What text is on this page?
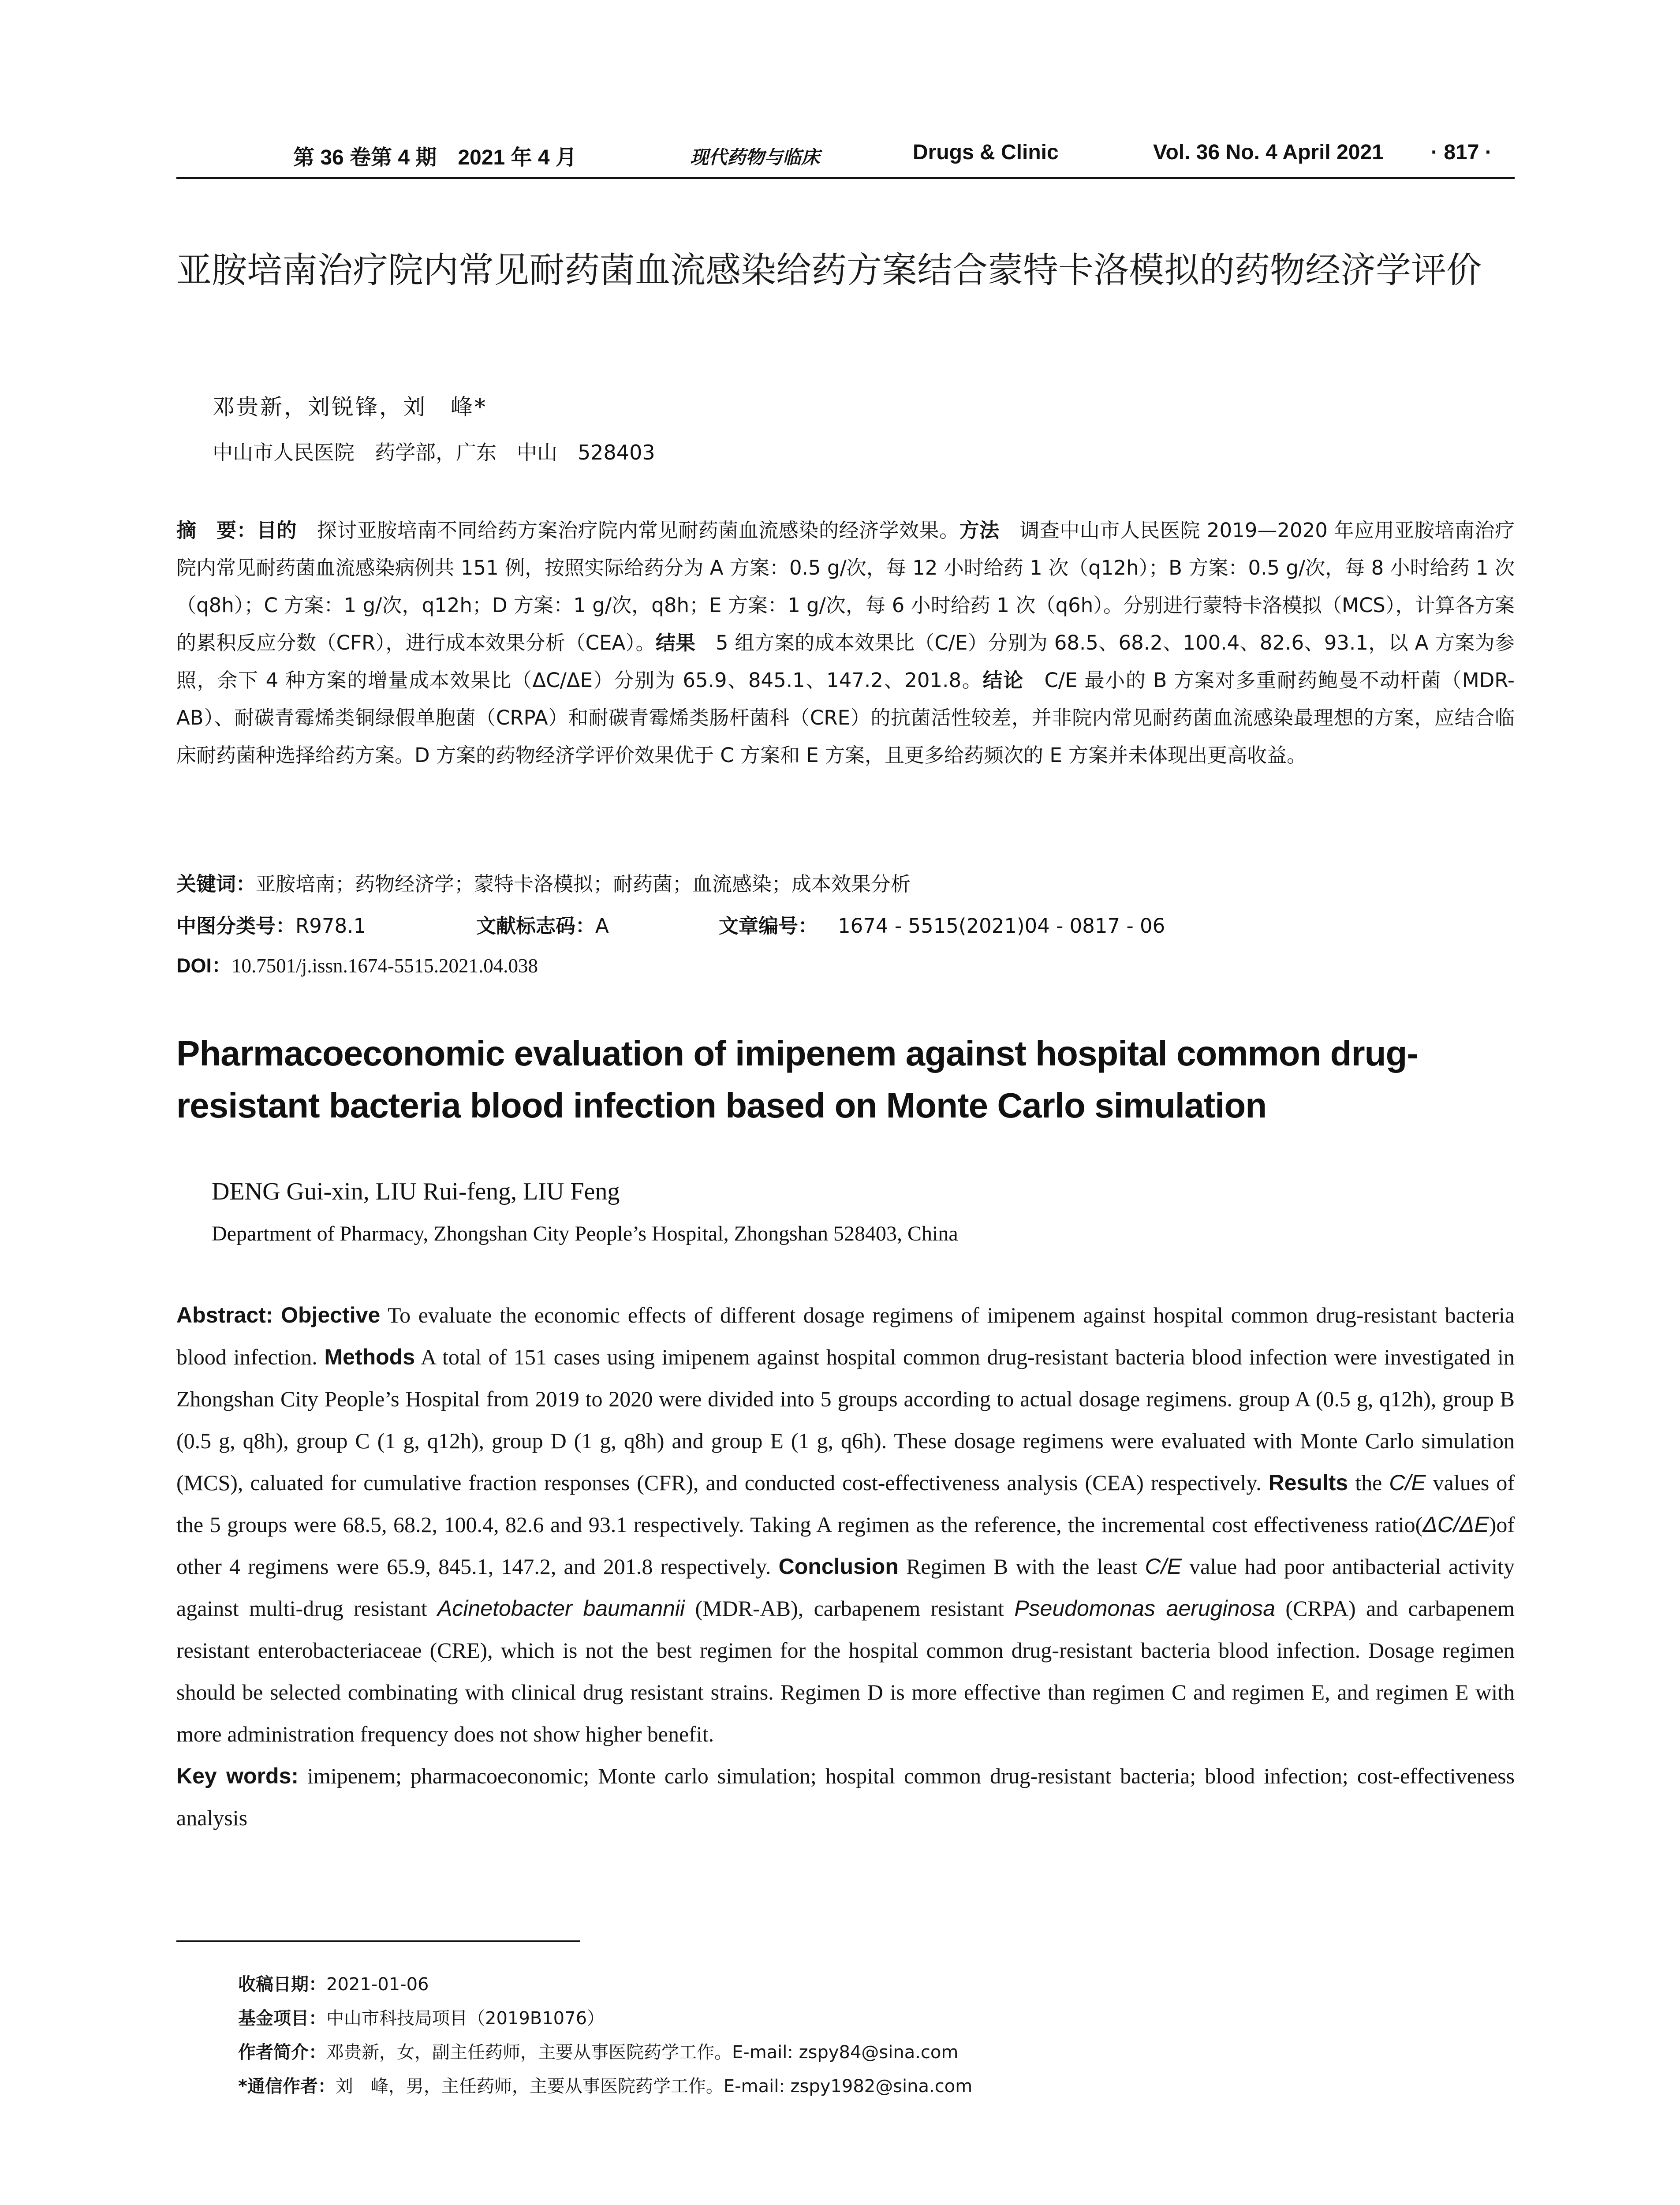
第 36 卷第 4 期　2021 年 4 月	现代药物与临床	Drugs & Clinic	Vol. 36 No. 4 April 2021 · 817 ·
亚胺培南治疗院内常见耐药菌血流感染给药方案结合蒙特卡洛模拟的药物经济学评价
邓贵新，刘锐锋，刘　峰*
中山市人民医院　药学部，广东　中山　528403
摘　要：目的　探讨亚胺培南不同给药方案治疗院内常见耐药菌血流感染的经济学效果。方法　调查中山市人民医院 2019—2020 年应用亚胺培南治疗院内常见耐药菌血流感染病例共 151 例，按照实际给药分为 A 方案：0.5 g/次，每 12 小时给药 1 次（q12h）；B 方案：0.5 g/次，每 8 小时给药 1 次（q8h）；C 方案：1 g/次，q12h；D 方案：1 g/次，q8h；E 方案：1 g/次，每 6 小时给药 1 次（q6h）。分别进行蒙特卡洛模拟（MCS），计算各方案的累积反应分数（CFR），进行成本效果分析（CEA）。结果　5 组方案的成本效果比（C/E）分别为 68.5、68.2、100.4、82.6、93.1，以 A 方案为参照，余下 4 种方案的增量成本效果比（ΔC/ΔE）分别为 65.9、845.1、147.2、201.8。结论　C/E 最小的 B 方案对多重耐药鲍曼不动杆菌（MDR-AB）、耐碳青霉烯类铜绿假单胞菌（CRPA）和耐碳青霉烯类肠杆菌科（CRE）的抗菌活性较差，并非院内常见耐药菌血流感染最理想的方案，应结合临床耐药菌种选择给药方案。D 方案的药物经济学评价效果优于 C 方案和 E 方案，且更多给药频次的 E 方案并未体现出更高收益。
关键词：亚胺培南；药物经济学；蒙特卡洛模拟；耐药菌；血流感染；成本效果分析
中图分类号：R978.1	文献标志码： A	文章编号： 1674 - 5515(2021)04 - 0817 - 06
DOI：10.7501/j.issn.1674-5515.2021.04.038
Pharmacoeconomic evaluation of imipenem against hospital common drug-resistant bacteria blood infection based on Monte Carlo simulation
DENG Gui-xin, LIU Rui-feng, LIU Feng
Department of Pharmacy, Zhongshan City People’s Hospital, Zhongshan 528403, China
Abstract: Objective To evaluate the economic effects of different dosage regimens of imipenem against hospital common drug-resistant bacteria blood infection. Methods A total of 151 cases using imipenem against hospital common drug-resistant bacteria blood infection were investigated in Zhongshan City People’s Hospital from 2019 to 2020 were divided into 5 groups according to actual dosage regimens. group A (0.5 g, q12h), group B (0.5 g, q8h), group C (1 g, q12h), group D (1 g, q8h) and group E (1 g, q6h). These dosage regimens were evaluated with Monte Carlo simulation (MCS), caluated for cumulative fraction responses (CFR), and conducted cost-effectiveness analysis (CEA) respectively. Results the C/E values of the 5 groups were 68.5, 68.2, 100.4, 82.6 and 93.1 respectively. Taking A regimen as the reference, the incremental cost effectiveness ratio(ΔC/ΔE)of other 4 regimens were 65.9, 845.1, 147.2, and 201.8 respectively. Conclusion Regimen B with the least C/E value had poor antibacterial activity against multi-drug resistant Acinetobacter baumannii (MDR-AB), carbapenem resistant Pseudomonas aeruginosa (CRPA) and carbapenem resistant enterobacteriaceae (CRE), which is not the best regimen for the hospital common drug-resistant bacteria blood infection. Dosage regimen should be selected combinating with clinical drug resistant strains. Regimen D is more effective than regimen C and regimen E, and regimen E with more administration frequency does not show higher benefit.
Key words: imipenem; pharmacoeconomic; Monte carlo simulation; hospital common drug-resistant bacteria; blood infection; cost-effectiveness analysis
收稿日期：2021-01-06
基金项目：中山市科技局项目（2019B1076）
作者简介：邓贵新，女，副主任药师，主要从事医院药学工作。E-mail: zspy84@sina.com
*通信作者：刘　峰，男，主任药师，主要从事医院药学工作。E-mail: zspy1982@sina.com
